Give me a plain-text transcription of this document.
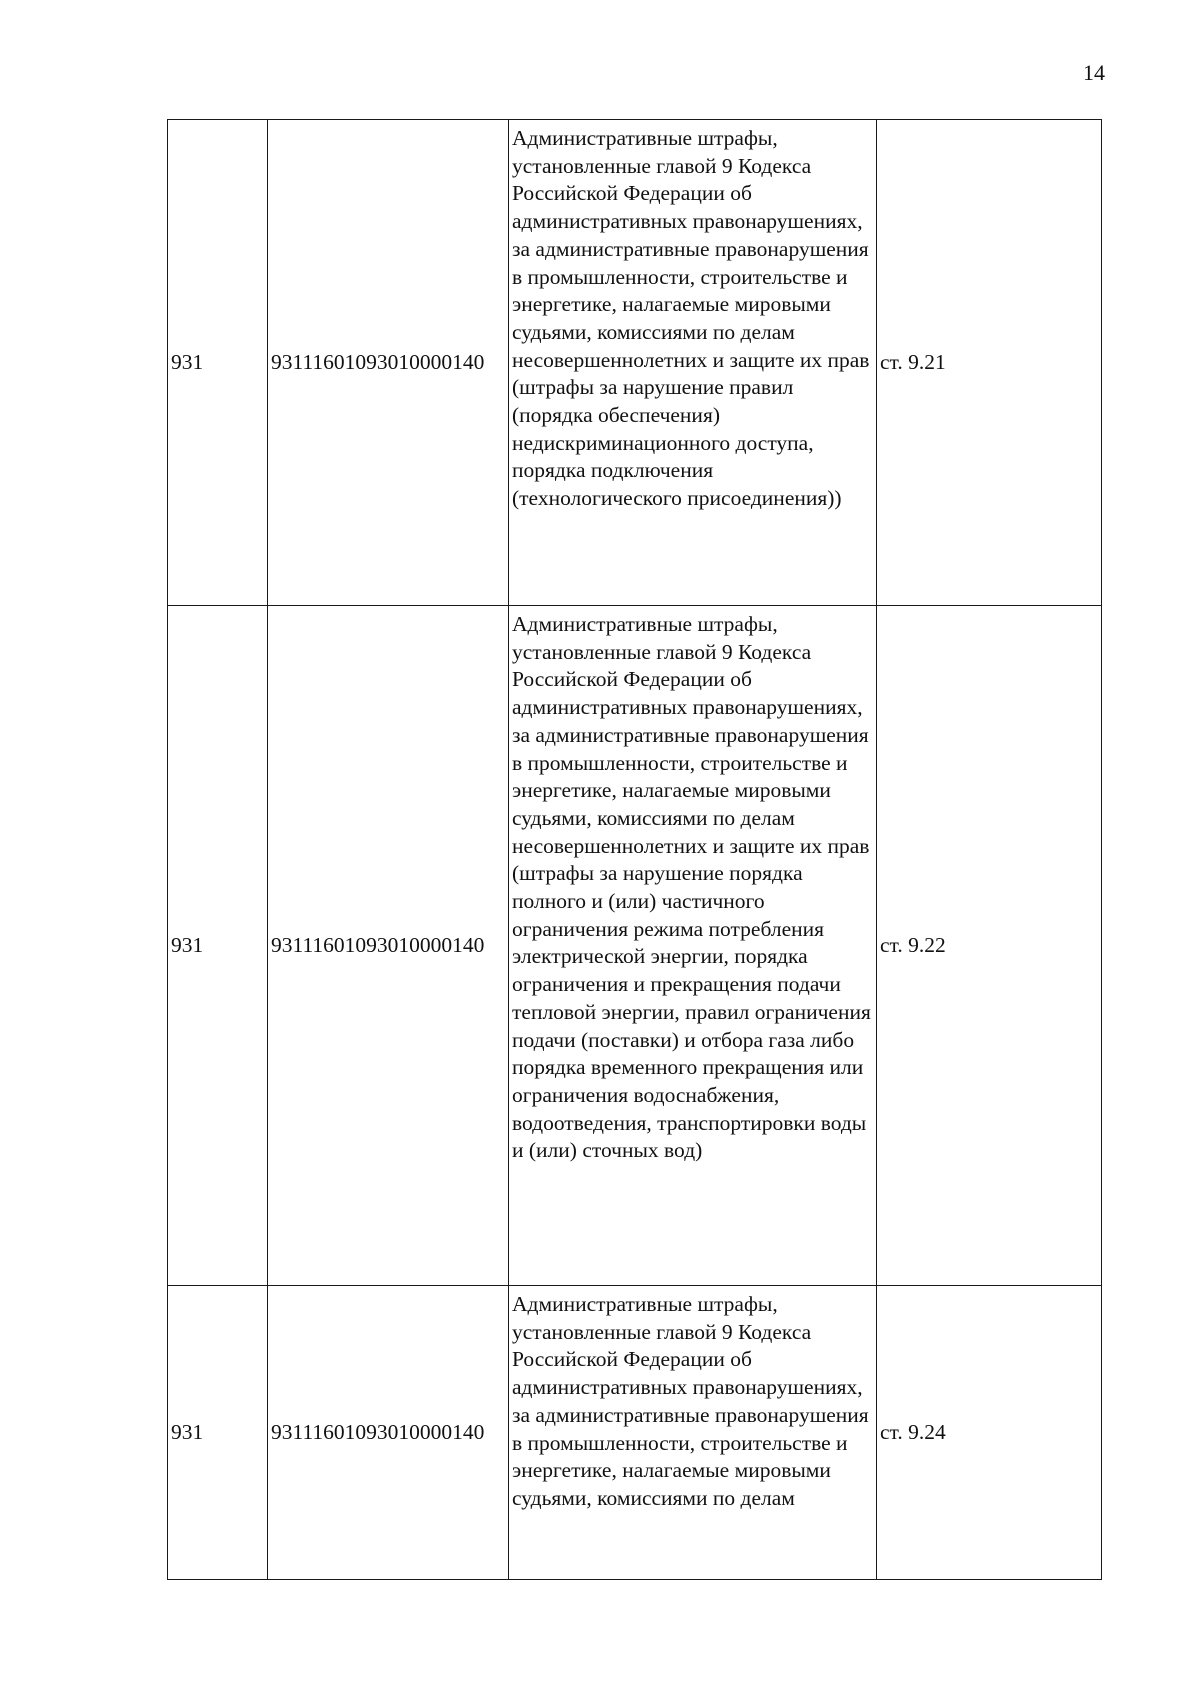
14
931	93111601093010000140	Административные штрафы, установленные главой 9 Кодекса Российской Федерации об административных правонарушениях, за административные правонарушения в промышленности, строительстве и энергетике, налагаемые мировыми судьями, комиссиями по делам несовершеннолетних и защите их прав (штрафы за нарушение правил (порядка обеспечения) недискриминационного доступа, порядка подключения (технологического присоединения))	ст. 9.21
931	93111601093010000140	Административные штрафы, установленные главой 9 Кодекса Российской Федерации об административных правонарушениях, за административные правонарушения в промышленности, строительстве и энергетике, налагаемые мировыми судьями, комиссиями по делам несовершеннолетних и защите их прав (штрафы за нарушение порядка полного и (или) частичного ограничения режима потребления электрической энергии, порядка ограничения и прекращения подачи тепловой энергии, правил ограничения подачи (поставки) и отбора газа либо порядка временного прекращения или ограничения водоснабжения, водоотведения, транспортировки воды и (или) сточных вод)	ст. 9.22
931	93111601093010000140	Административные штрафы, установленные главой 9 Кодекса Российской Федерации об административных правонарушениях, за административные правонарушения в промышленности, строительстве и энергетике, налагаемые мировыми судьями, комиссиями по делам	ст. 9.24
